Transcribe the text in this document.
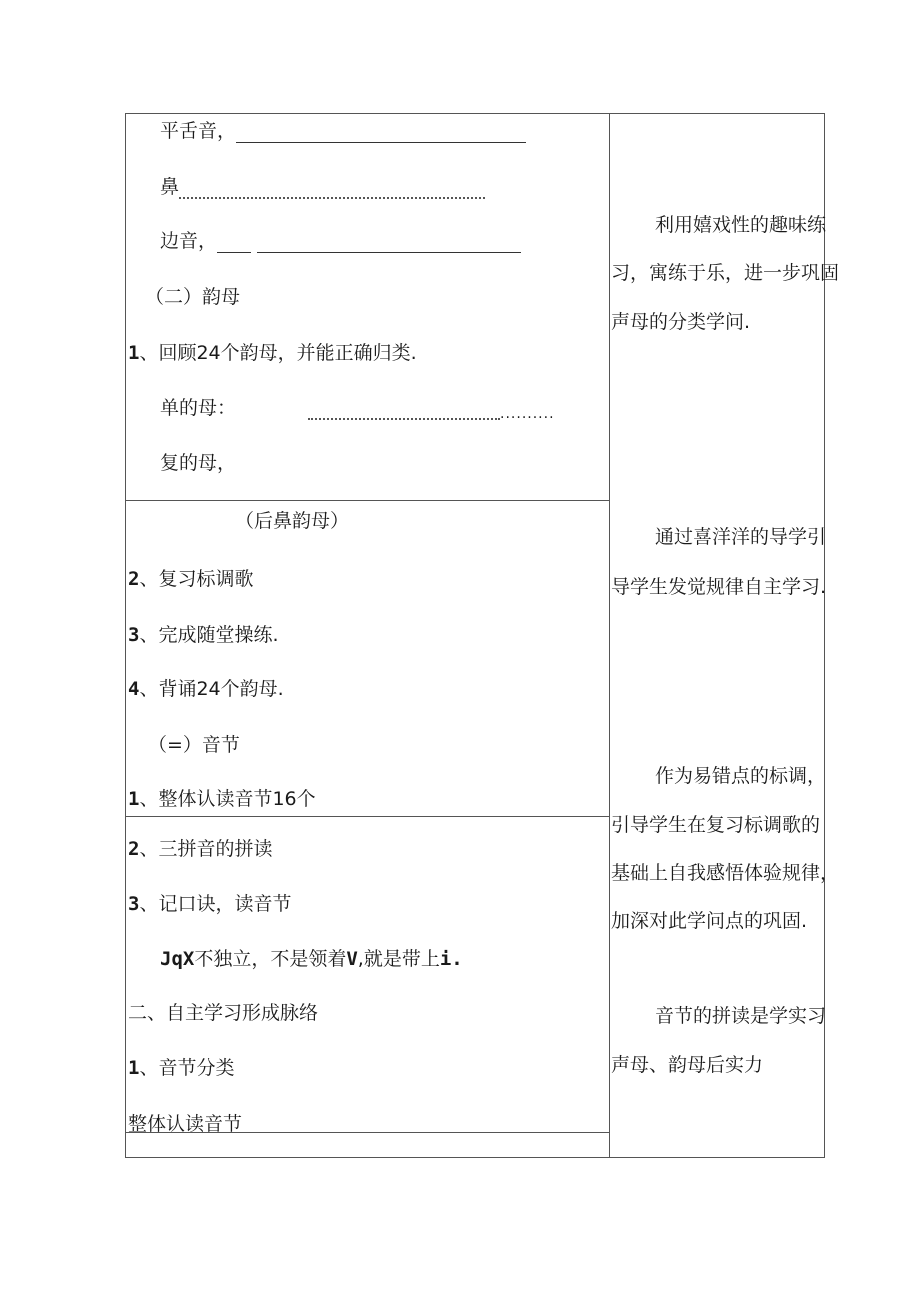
平舌音，
鼻
边音，
（二）韵母
1、回顾24个韵母，并能正确归类.
单的母：	..........
复的母，
（后鼻韵母）
2、复习标调歌
3、完成随堂操练.
4、背诵24个韵母.
（=）音节
1、整体认读音节16个
2、三拼音的拼读
3、记口诀，读音节
JqX不独立，不是领着V,就是带上i.
二、自主学习形成脉络
1、音节分类
整体认读音节
利用嬉戏性的趣味练
习，寓练于乐，进一步巩固
声母的分类学问.
通过喜洋洋的导学引
导学生发觉规律自主学习.
作为易错点的标调，
引导学生在复习标调歌的
基础上自我感悟体验规律，
加深对此学问点的巩固.
音节的拼读是学实习
声母、韵母后实力
